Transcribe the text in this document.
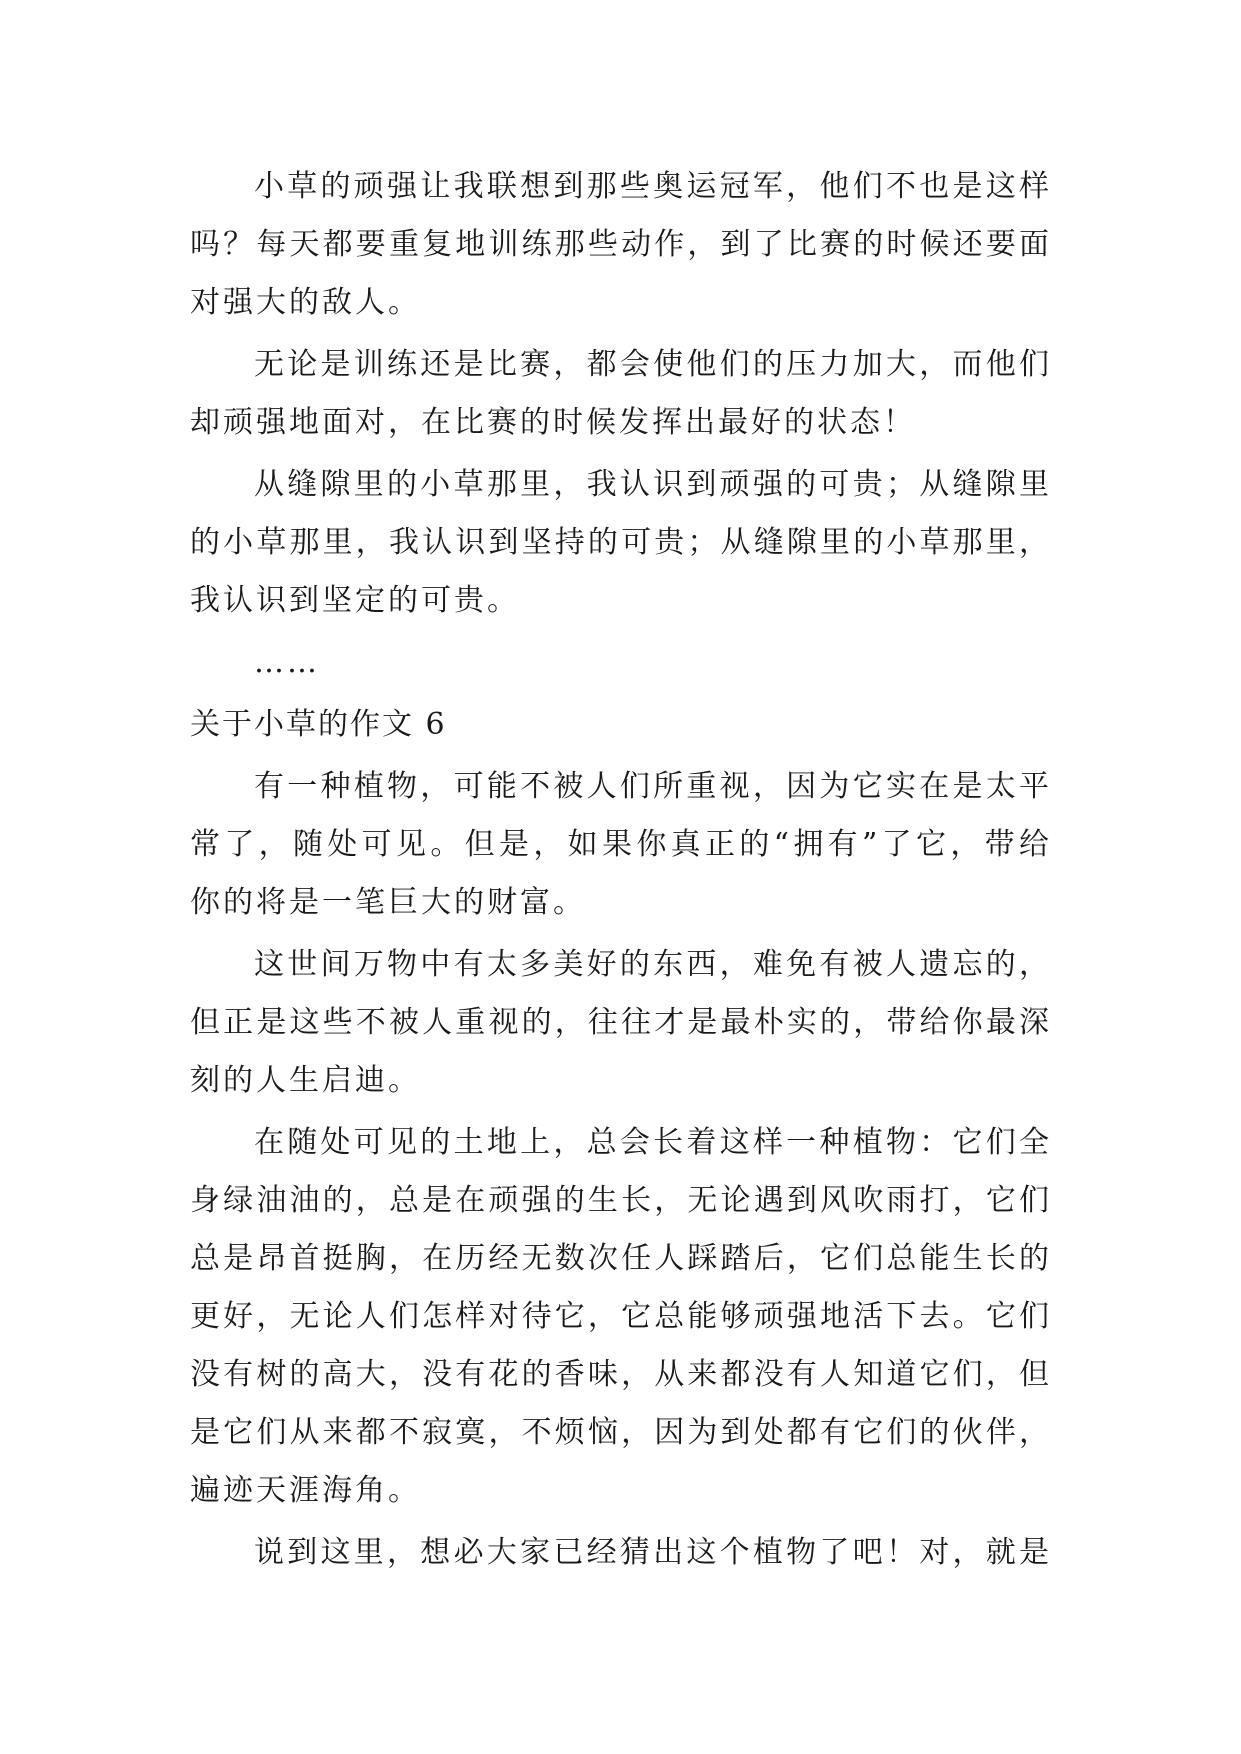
小草的顽强让我联想到那些奥运冠军，他们不也是这样
吗？每天都要重复地训练那些动作，到了比赛的时候还要面
对强大的敌人。
无论是训练还是比赛，都会使他们的压力加大，而他们
却顽强地面对，在比赛的时候发挥出最好的状态！
从缝隙里的小草那里，我认识到顽强的可贵；从缝隙里
的小草那里，我认识到坚持的可贵；从缝隙里的小草那里，
我认识到坚定的可贵。
……
关于小草的作文 6
有一种植物，可能不被人们所重视，因为它实在是太平
常了，随处可见。但是，如果你真正的“拥有”了它，带给
你的将是一笔巨大的财富。
这世间万物中有太多美好的东西，难免有被人遗忘的，
但正是这些不被人重视的，往往才是最朴实的，带给你最深
刻的人生启迪。
在随处可见的土地上，总会长着这样一种植物：它们全
身绿油油的，总是在顽强的生长，无论遇到风吹雨打，它们
总是昂首挺胸，在历经无数次任人踩踏后，它们总能生长的
更好，无论人们怎样对待它，它总能够顽强地活下去。它们
没有树的高大，没有花的香味，从来都没有人知道它们，但
是它们从来都不寂寞，不烦恼，因为到处都有它们的伙伴，
遍迹天涯海角。
说到这里，想必大家已经猜出这个植物了吧！对，就是
